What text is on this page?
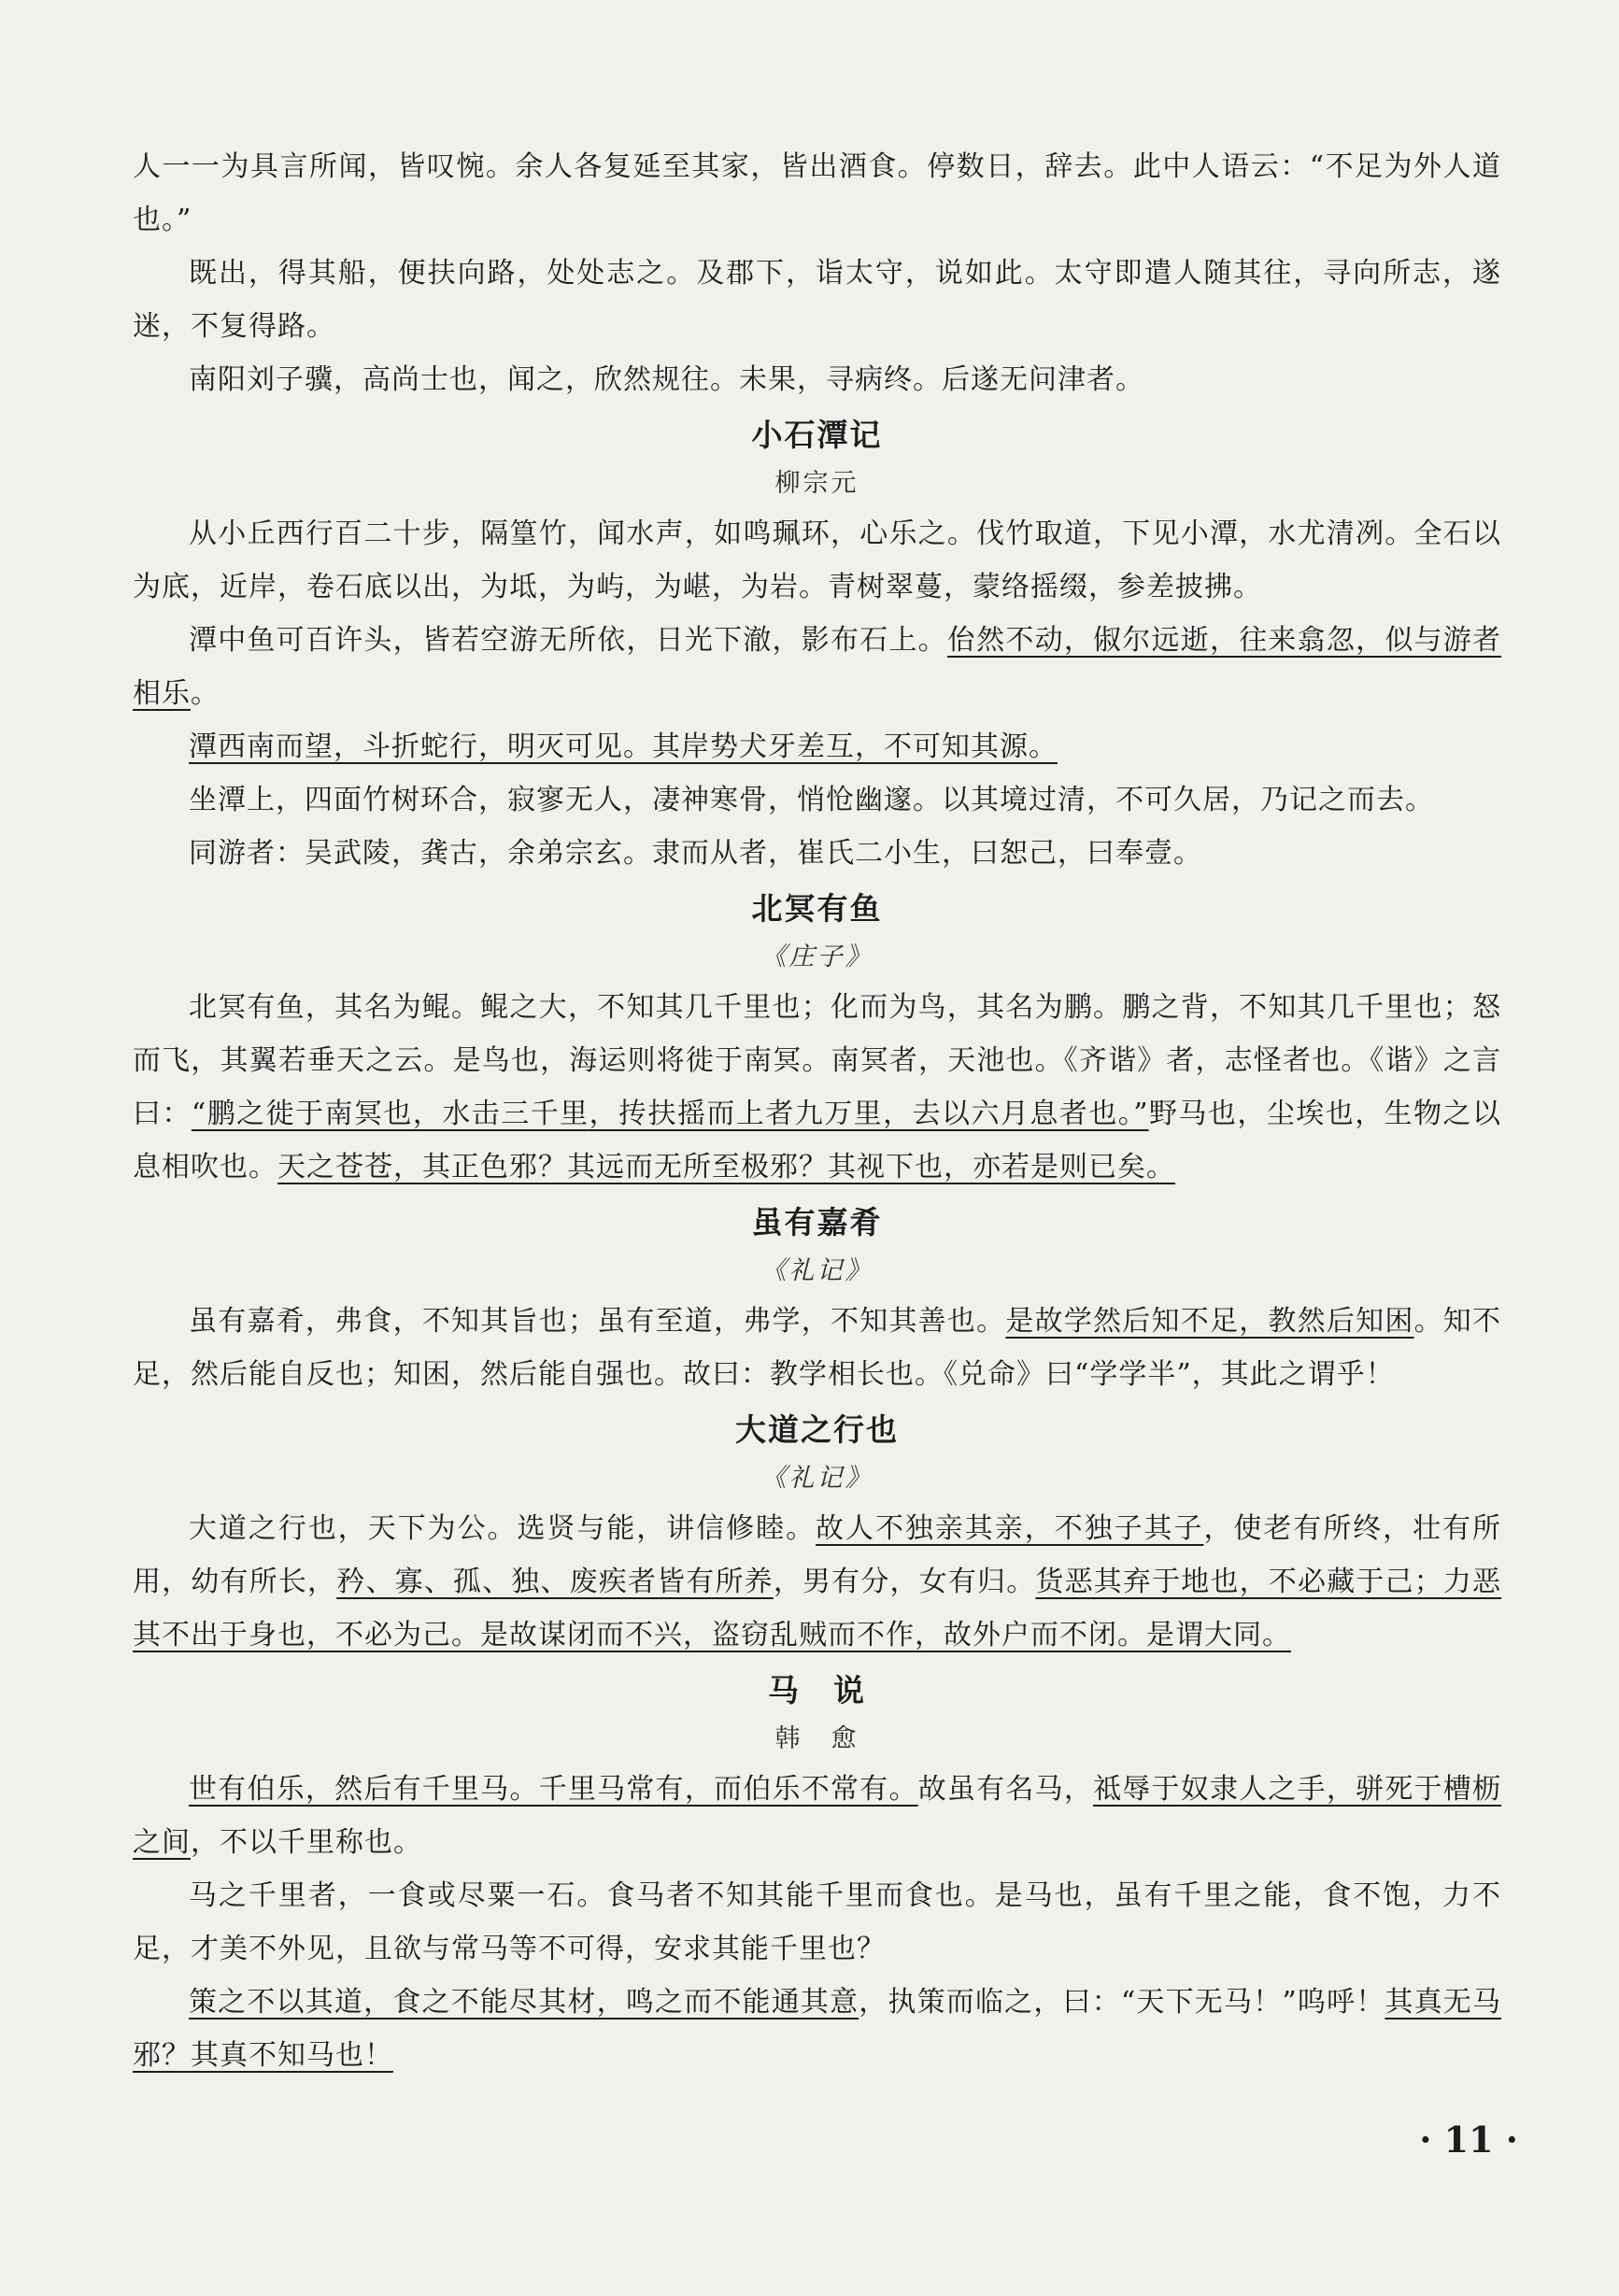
人一一为具言所闻，皆叹惋。余人各复延至其家，皆出酒食。停数日，辞去。此中人语云：“不足为外人道也。”

既出，得其船，便扶向路，处处志之。及郡下，诣太守，说如此。太守即遣人随其往，寻向所志，遂迷，不复得路。

南阳刘子骥，高尚士也，闻之，欣然规往。未果，寻病终。后遂无问津者。

小石潭记

柳宗元

从小丘西行百二十步，隔篁竹，闻水声，如鸣珮环，心乐之。伐竹取道，下见小潭，水尤清冽。全石以为底，近岸，卷石底以出，为坻，为屿，为嵁，为岩。青树翠蔓，蒙络摇缀，参差披拂。

潭中鱼可百许头，皆若空游无所依，日光下澈，影布石上。佁然不动，俶尔远逝，往来翕忽，似与游者相乐。

潭西南而望，斗折蛇行，明灭可见。其岸势犬牙差互，不可知其源。

坐潭上，四面竹树环合，寂寥无人，凄神寒骨，悄怆幽邃。以其境过清，不可久居，乃记之而去。

同游者：吴武陵，龚古，余弟宗玄。隶而从者，崔氏二小生，曰恕己，曰奉壹。

北冥有鱼

《庄子》

北冥有鱼，其名为鲲。鲲之大，不知其几千里也；化而为鸟，其名为鹏。鹏之背，不知其几千里也；怒而飞，其翼若垂天之云。是鸟也，海运则将徙于南冥。南冥者，天池也。《齐谐》者，志怪者也。《谐》之言曰：“鹏之徙于南冥也，水击三千里，抟扶摇而上者九万里，去以六月息者也。”野马也，尘埃也，生物之以息相吹也。天之苍苍，其正色邪？其远而无所至极邪？其视下也，亦若是则已矣。

虽有嘉肴

《礼记》

虽有嘉肴，弗食，不知其旨也；虽有至道，弗学，不知其善也。是故学然后知不足，教然后知困。知不足，然后能自反也；知困，然后能自强也。故曰：教学相长也。《兑命》曰“学学半”，其此之谓乎！

大道之行也

《礼记》

大道之行也，天下为公。选贤与能，讲信修睦。故人不独亲其亲，不独子其子，使老有所终，壮有所用，幼有所长，矜、寡、孤、独、废疾者皆有所养，男有分，女有归。货恶其弃于地也，不必藏于己；力恶其不出于身也，不必为己。是故谋闭而不兴，盗窃乱贼而不作，故外户而不闭。是谓大同。

马　说

韩　愈

世有伯乐，然后有千里马。千里马常有，而伯乐不常有。故虽有名马，祗辱于奴隶人之手，骈死于槽枥之间，不以千里称也。

马之千里者，一食或尽粟一石。食马者不知其能千里而食也。是马也，虽有千里之能，食不饱，力不足，才美不外见，且欲与常马等不可得，安求其能千里也？

策之不以其道，食之不能尽其材，鸣之而不能通其意，执策而临之，曰：“天下无马！”呜呼！其真无马邪？其真不知马也！

· 11 ·
